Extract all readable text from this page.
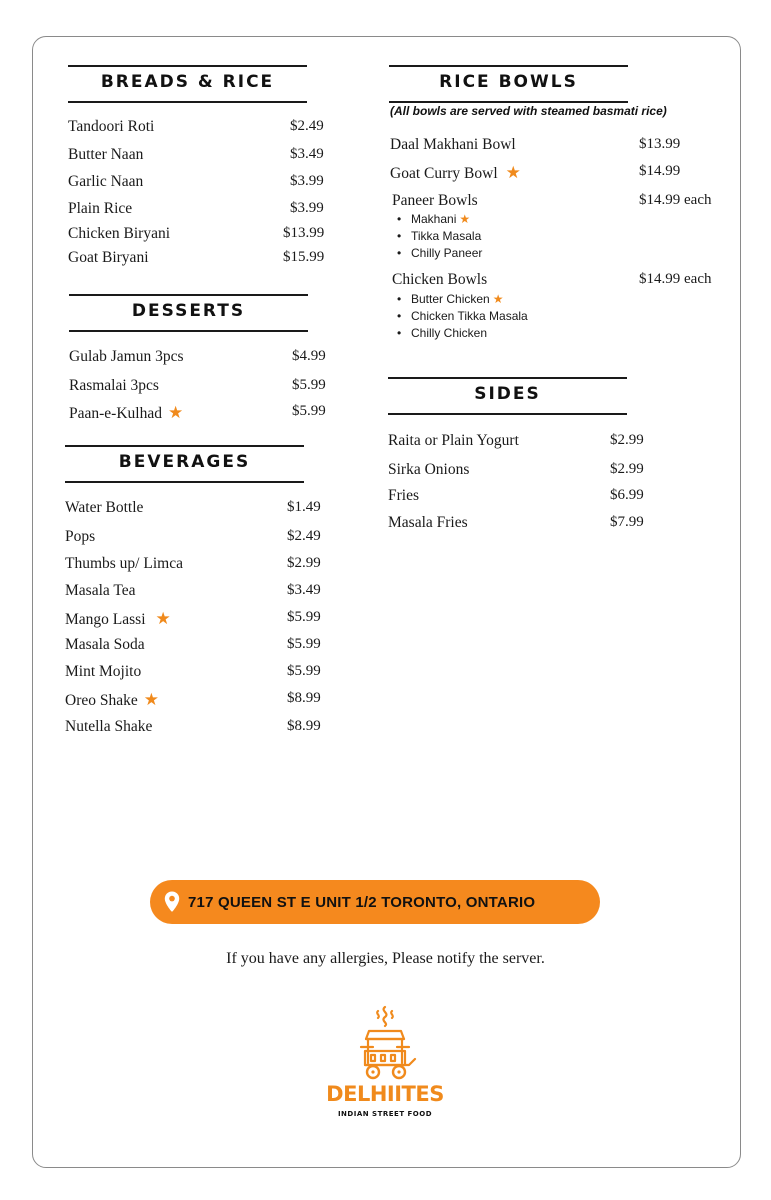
BREADS & RICE
Tandoori Roti	$2.49
Butter Naan	$3.49
Garlic Naan	$3.99
Plain Rice	$3.99
Chicken Biryani	$13.99
Goat Biryani	$15.99
DESSERTS
Gulab Jamun 3pcs	$4.99
Rasmalai 3pcs	$5.99
Paan-e-Kulhad ★	$5.99
BEVERAGES
Water Bottle	$1.49
Pops	$2.49
Thumbs up/ Limca	$2.99
Masala Tea	$3.49
Mango Lassi ★	$5.99
Masala Soda	$5.99
Mint Mojito	$5.99
Oreo Shake ★	$8.99
Nutella Shake	$8.99
RICE BOWLS
(All bowls are served with steamed basmati rice)
Daal Makhani Bowl	$13.99
Goat Curry Bowl ★	$14.99
Paneer Bowls	$14.99 each
• Makhani ★
• Tikka Masala
• Chilly Paneer
Chicken Bowls	$14.99 each
• Butter Chicken ★
• Chicken Tikka Masala
• Chilly Chicken
SIDES
Raita or Plain Yogurt	$2.99
Sirka Onions	$2.99
Fries	$6.99
Masala Fries	$7.99
717 QUEEN ST E UNIT 1/2 TORONTO, ONTARIO
If you have any allergies, Please notify the server.
DELHIITES
INDIAN STREET FOOD
